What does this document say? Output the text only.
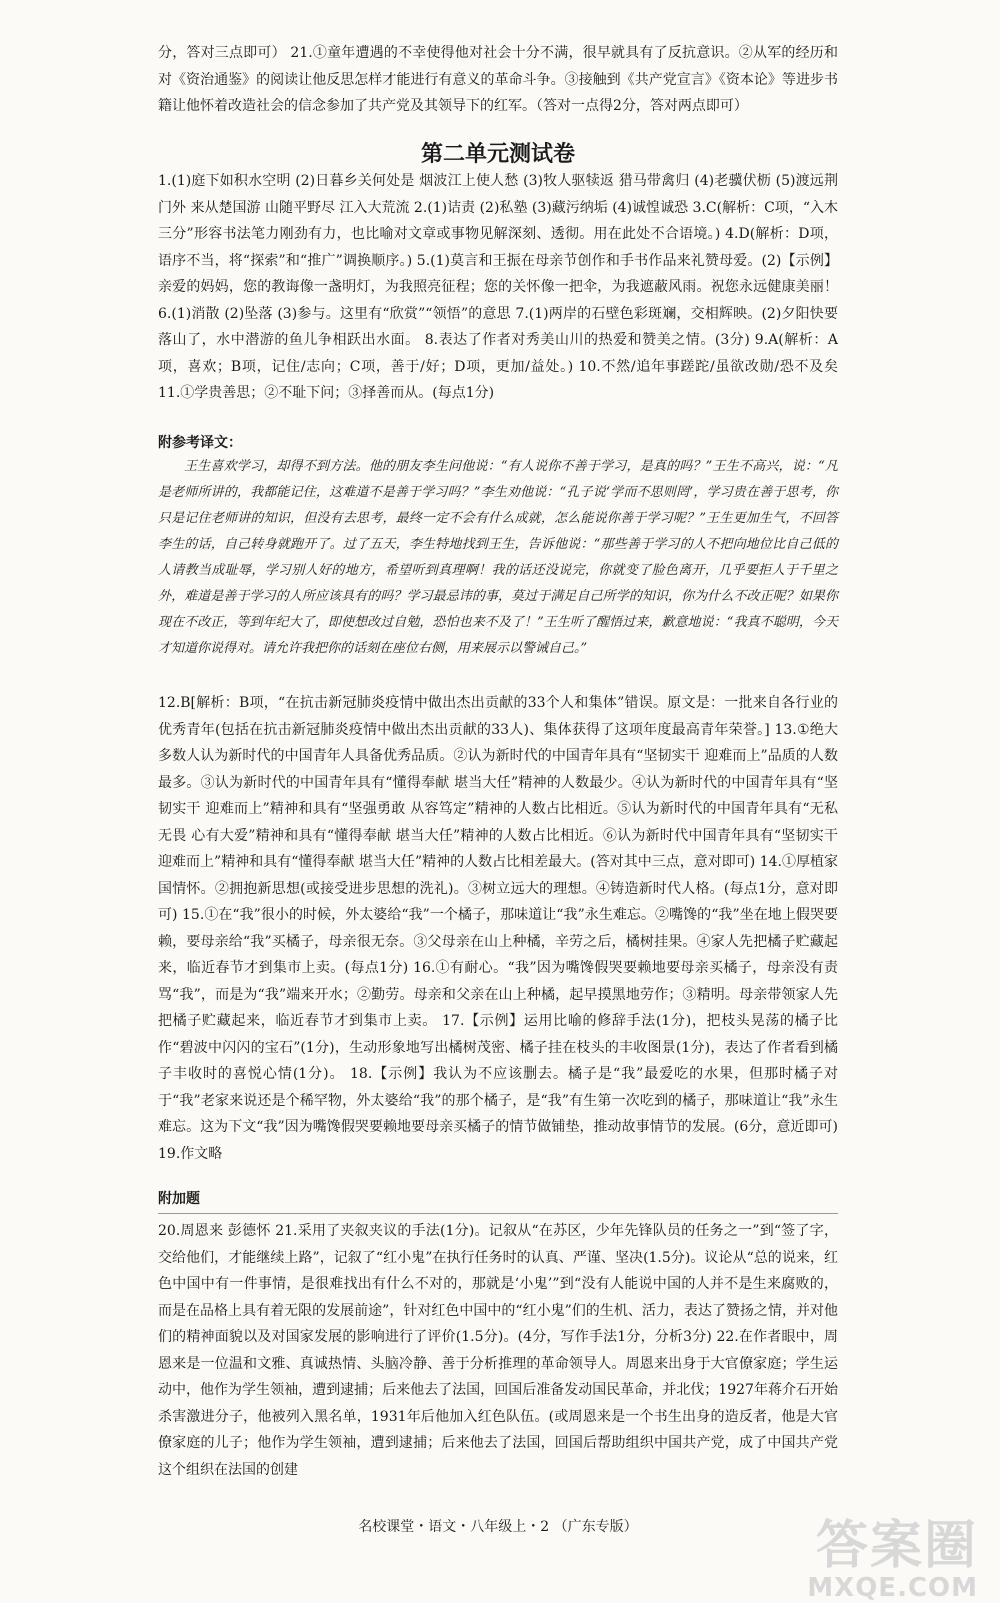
分，答对三点即可） 21.①童年遭遇的不幸使得他对社会十分不满，很早就具有了反抗意识。②从军的经历和对《资治通鉴》的阅读让他反思怎样才能进行有意义的革命斗争。③接触到《共产党宣言》《资本论》等进步书籍让他怀着改造社会的信念参加了共产党及其领导下的红军。（答对一点得2分，答对两点即可）

第二单元测试卷

1.(1)庭下如积水空明 (2)日暮乡关何处是 烟波江上使人愁 (3)牧人驱犊返 猎马带禽归 (4)老骥伏枥 (5)渡远荆门外 来从楚国游 山随平野尽 江入大荒流 2.(1)诘责 (2)私塾 (3)藏污纳垢 (4)诚惶诚恐 3.C(解析：C项，“入木三分”形容书法笔力刚劲有力，也比喻对文章或事物见解深刻、透彻。用在此处不合语境。) 4.D(解析：D项，语序不当，将“探索”和“推广”调换顺序。) 5.(1)莫言和王振在母亲节创作和手书作品来礼赞母爱。(2)【示例】亲爱的妈妈，您的教诲像一盏明灯，为我照亮征程；您的关怀像一把伞，为我遮蔽风雨。祝您永远健康美丽！ 6.(1)消散 (2)坠落 (3)参与。这里有“欣赏”“领悟”的意思 7.(1)两岸的石壁色彩斑斓，交相辉映。(2)夕阳快要落山了，水中潜游的鱼儿争相跃出水面。 8.表达了作者对秀美山川的热爱和赞美之情。(3分) 9.A(解析：A项，喜欢；B项，记住/志向；C项，善于/好；D项，更加/益处。) 10.不然/追年事蹉跎/虽欲改勋/恐不及矣 11.①学贵善思；②不耻下问；③择善而从。(每点1分)

附参考译文：

王生喜欢学习，却得不到方法。他的朋友李生问他说：“有人说你不善于学习，是真的吗？”王生不高兴，说：“凡是老师所讲的，我都能记住，这难道不是善于学习吗？”李生劝他说：“孔子说‘学而不思则罔’，学习贵在善于思考，你只是记住老师讲的知识，但没有去思考，最终一定不会有什么成就，怎么能说你善于学习呢？”王生更加生气，不回答李生的话，自己转身就跑开了。过了五天，李生特地找到王生，告诉他说：“那些善于学习的人不把向地位比自己低的人请教当成耻辱，学习别人好的地方，希望听到真理啊！我的话还没说完，你就变了脸色离开，几乎要拒人于千里之外，难道是善于学习的人所应该具有的吗？学习最忌讳的事，莫过于满足自己所学的知识，你为什么不改正呢？如果你现在不改正，等到年纪大了，即使想改过自勉，恐怕也来不及了！”王生听了醒悟过来，歉意地说：“我真不聪明，今天才知道你说得对。请允许我把你的话刻在座位右侧，用来展示以警诫自己。”

12.B[解析：B项，“在抗击新冠肺炎疫情中做出杰出贡献的33个人和集体”错误。原文是：一批来自各行业的优秀青年(包括在抗击新冠肺炎疫情中做出杰出贡献的33人)、集体获得了这项年度最高青年荣誉。] 13.①绝大多数人认为新时代的中国青年人具备优秀品质。②认为新时代的中国青年具有“坚韧实干 迎难而上”品质的人数最多。③认为新时代的中国青年具有“懂得奉献 堪当大任”精神的人数最少。④认为新时代的中国青年具有“坚韧实干 迎难而上”精神和具有“坚强勇敢 从容笃定”精神的人数占比相近。⑤认为新时代的中国青年具有“无私无畏 心有大爱”精神和具有“懂得奉献 堪当大任”精神的人数占比相近。⑥认为新时代中国青年具有“坚韧实干 迎难而上”精神和具有“懂得奉献 堪当大任”精神的人数占比相差最大。(答对其中三点，意对即可) 14.①厚植家国情怀。②拥抱新思想(或接受进步思想的洗礼)。③树立远大的理想。④铸造新时代人格。(每点1分，意对即可) 15.①在“我”很小的时候，外太婆给“我”一个橘子，那味道让“我”永生难忘。②嘴馋的“我”坐在地上假哭要赖，要母亲给“我”买橘子，母亲很无奈。③父母亲在山上种橘，辛劳之后，橘树挂果。④家人先把橘子贮藏起来，临近春节才到集市上卖。(每点1分) 16.①有耐心。“我”因为嘴馋假哭要赖地要母亲买橘子，母亲没有责骂“我”，而是为“我”端来开水；②勤劳。母亲和父亲在山上种橘，起早摸黑地劳作；③精明。母亲带领家人先把橘子贮藏起来，临近春节才到集市上卖。 17.【示例】运用比喻的修辞手法(1分)，把枝头晃荡的橘子比作“碧波中闪闪的宝石”(1分)，生动形象地写出橘树茂密、橘子挂在枝头的丰收图景(1分)，表达了作者看到橘子丰收时的喜悦心情(1分)。 18.【示例】我认为不应该删去。橘子是“我”最爱吃的水果，但那时橘子对于“我”老家来说还是个稀罕物，外太婆给“我”的那个橘子，是“我”有生第一次吃到的橘子，那味道让“我”永生难忘。这为下文“我”因为嘴馋假哭要赖地要母亲买橘子的情节做铺垫，推动故事情节的发展。(6分，意近即可) 19.作文略

附加题

20.周恩来 彭德怀 21.采用了夹叙夹议的手法(1分)。记叙从“在苏区，少年先锋队员的任务之一”到“签了字，交给他们，才能继续上路”，记叙了“红小鬼”在执行任务时的认真、严谨、坚决(1.5分)。议论从“总的说来，红色中国中有一件事情，是很难找出有什么不对的，那就是‘小鬼’”到“没有人能说中国的人并不是生来腐败的，而是在品格上具有着无限的发展前途”，针对红色中国中的“红小鬼”们的生机、活力，表达了赞扬之情，并对他们的精神面貌以及对国家发展的影响进行了评价(1.5分)。(4分，写作手法1分，分析3分) 22.在作者眼中，周恩来是一位温和文雅、真诚热情、头脑冷静、善于分析推理的革命领导人。周恩来出身于大官僚家庭；学生运动中，他作为学生领袖，遭到逮捕；后来他去了法国，回国后准备发动国民革命，并北伐；1927年蒋介石开始杀害激进分子，他被列入黑名单，1931年后他加入红色队伍。(或周恩来是一个书生出身的造反者，他是大官僚家庭的儿子；他作为学生领袖，遭到逮捕；后来他去了法国，回国后帮助组织中国共产党，成了中国共产党这个组织在法国的创建

名校课堂・语文・八年级上・2 （广东专版）	答案圈
MXQE.COM
